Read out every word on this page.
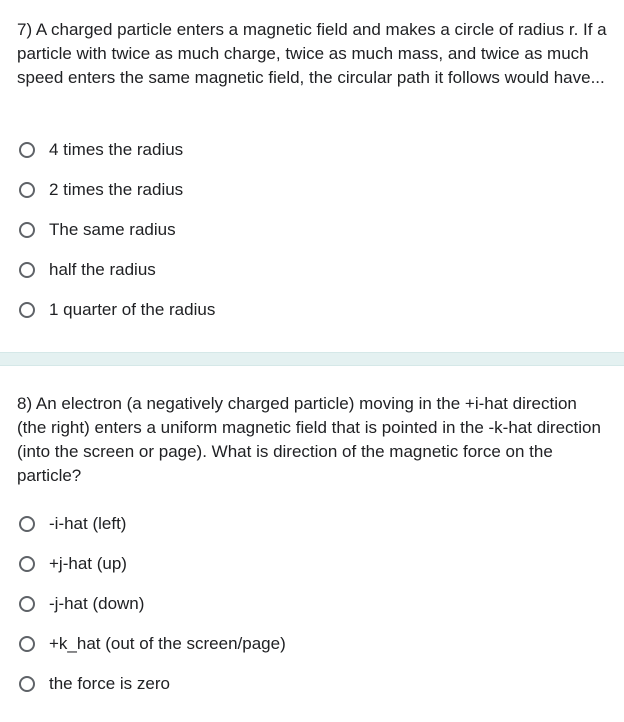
7) A charged particle enters a magnetic field and makes a circle of radius r. If a particle with twice as much charge, twice as much mass, and twice as much speed enters the same magnetic field, the circular path it follows would have...

4 times the radius
2 times the radius
The same radius
half the radius
1 quarter of the radius

8) An electron (a negatively charged particle) moving in the +i-hat direction (the right) enters a uniform magnetic field that is pointed in the -k-hat direction (into the screen or page). What is direction of the magnetic force on the particle?

-i-hat (left)
+j-hat (up)
-j-hat (down)
+k_hat (out of the screen/page)
the force is zero
